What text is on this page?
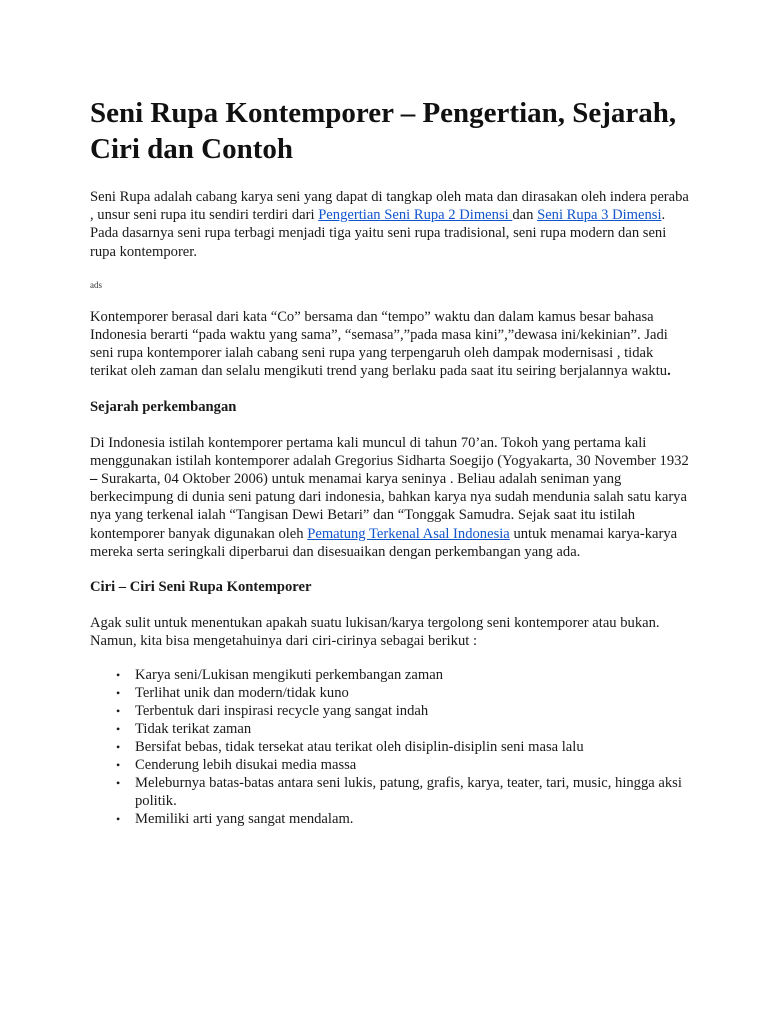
Seni Rupa Kontemporer – Pengertian, Sejarah, Ciri dan Contoh

Seni Rupa adalah cabang karya seni yang dapat di tangkap oleh mata dan dirasakan oleh indera peraba , unsur seni rupa itu sendiri terdiri dari Pengertian Seni Rupa 2 Dimensi dan Seni Rupa 3 Dimensi. Pada dasarnya seni rupa terbagi menjadi tiga yaitu seni rupa tradisional, seni rupa modern dan seni rupa kontemporer.

ads

Kontemporer berasal dari kata “Co” bersama dan “tempo” waktu dan dalam kamus besar bahasa Indonesia berarti “pada waktu yang sama”, “semasa”,”pada masa kini”,”dewasa ini/kekinian”. Jadi seni rupa kontemporer ialah cabang seni rupa yang terpengaruh oleh dampak modernisasi , tidak terikat oleh zaman dan selalu mengikuti trend yang berlaku pada saat itu seiring berjalannya waktu.

Sejarah perkembangan

Di Indonesia istilah kontemporer pertama kali muncul di tahun 70’an. Tokoh yang pertama kali menggunakan istilah kontemporer adalah Gregorius Sidharta Soegijo (Yogyakarta, 30 November 1932 – Surakarta, 04 Oktober 2006) untuk menamai karya seninya . Beliau adalah seniman yang berkecimpung di dunia seni patung dari indonesia, bahkan karya nya sudah mendunia salah satu karya nya yang terkenal ialah “Tangisan Dewi Betari” dan “Tonggak Samudra. Sejak saat itu istilah kontemporer banyak digunakan oleh Pematung Terkenal Asal Indonesia untuk menamai karya-karya mereka serta seringkali diperbarui dan disesuaikan dengan perkembangan yang ada.

Ciri – Ciri Seni Rupa Kontemporer

Agak sulit untuk menentukan apakah suatu lukisan/karya tergolong seni kontemporer atau bukan. Namun, kita bisa mengetahuinya dari ciri-cirinya sebagai berikut :

• Karya seni/Lukisan mengikuti perkembangan zaman
• Terlihat unik dan modern/tidak kuno
• Terbentuk dari inspirasi recycle yang sangat indah
• Tidak terikat zaman
• Bersifat bebas, tidak tersekat atau terikat oleh disiplin-disiplin seni masa lalu
• Cenderung lebih disukai media massa
• Meleburnya batas-batas antara seni lukis, patung, grafis, karya, teater, tari, music, hingga aksi politik.
• Memiliki arti yang sangat mendalam.
